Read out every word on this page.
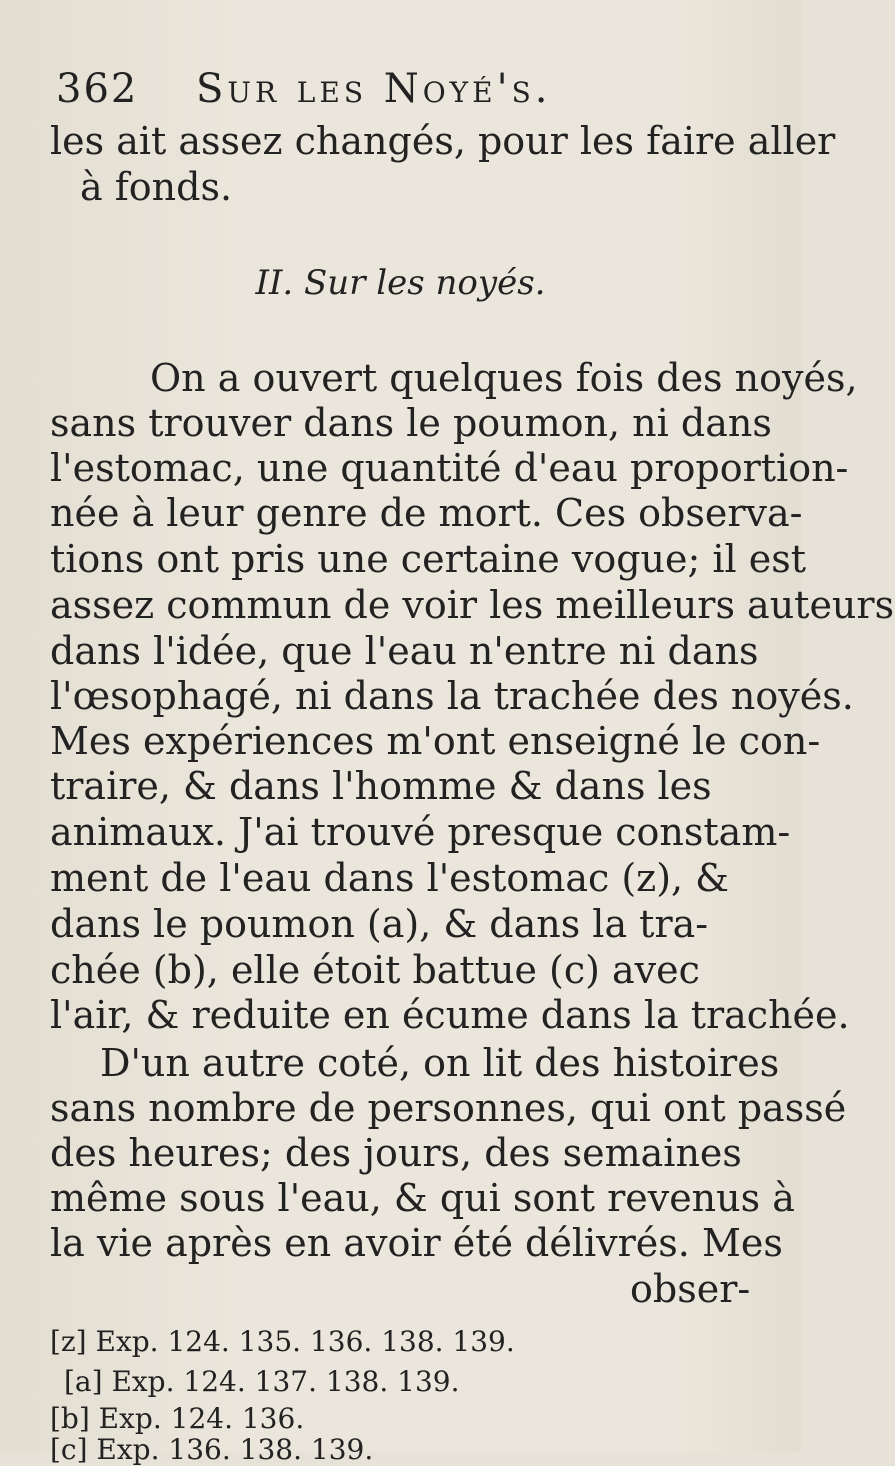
362 Sur les Noyé's.
les ait assez changés, pour les faire aller
à fonds.
II. Sur les noyés.
On a ouvert quelques fois des noyés,
sans trouver dans le poumon, ni dans
l'estomac, une quantité d'eau proportion-
née à leur genre de mort. Ces observa-
tions ont pris une certaine vogue; il est
assez commun de voir les meilleurs auteurs
dans l'idée, que l'eau n'entre ni dans
l'œsophagé, ni dans la trachée des noyés.
Mes expériences m'ont enseigné le con-
traire, & dans l'homme & dans les
animaux. J'ai trouvé presque constam-
ment de l'eau dans l'estomac (z), &
dans le poumon (a), & dans la tra-
chée (b), elle étoit battue (c) avec
l'air, & reduite en écume dans la trachée.
D'un autre coté, on lit des histoires
sans nombre de personnes, qui ont passé
des heures; des jours, des semaines
même sous l'eau, & qui sont revenus à
la vie après en avoir été délivrés. Mes
obser-
[z] Exp. 124. 135. 136. 138. 139.
[a] Exp. 124. 137. 138. 139.
[b] Exp. 124. 136.
[c] Exp. 136. 138. 139.
